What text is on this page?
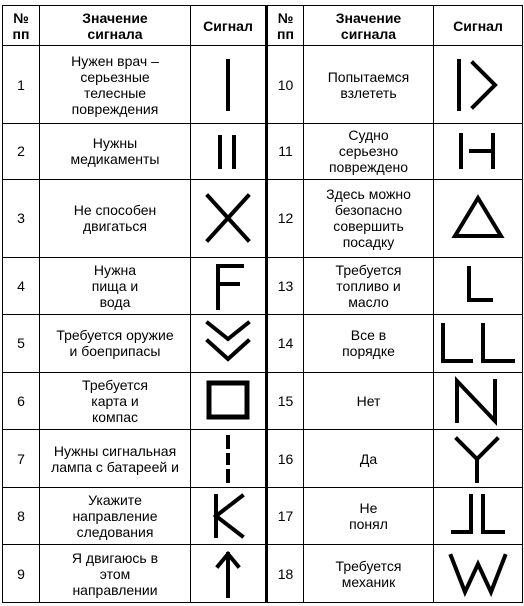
№ пп	Значение сигнала	Сигнал	№ пп	Значение сигнала	Сигнал
1	Нужен врач – серьезные телесные повреждения		10	Попытаемся взлететь	

2	Нужны медикаменты		11	Судно серьезно повреждено	

3	Не способен двигаться		12	Здесь можно безопасно совершить посадку	

4	Нужна пища и вода		13	Требуется топливо и масло	

5	Требуется оружие и боеприпасы		14	Все в порядке	

6	Требуется карта и компас		15	Нет	

7	Нужны сигнальная лампа с батареей и		16	Да	

8	Укажите направление следования		17	Не понял	

9	Я двигаюсь в этом направлении		18	Требуется механик	
